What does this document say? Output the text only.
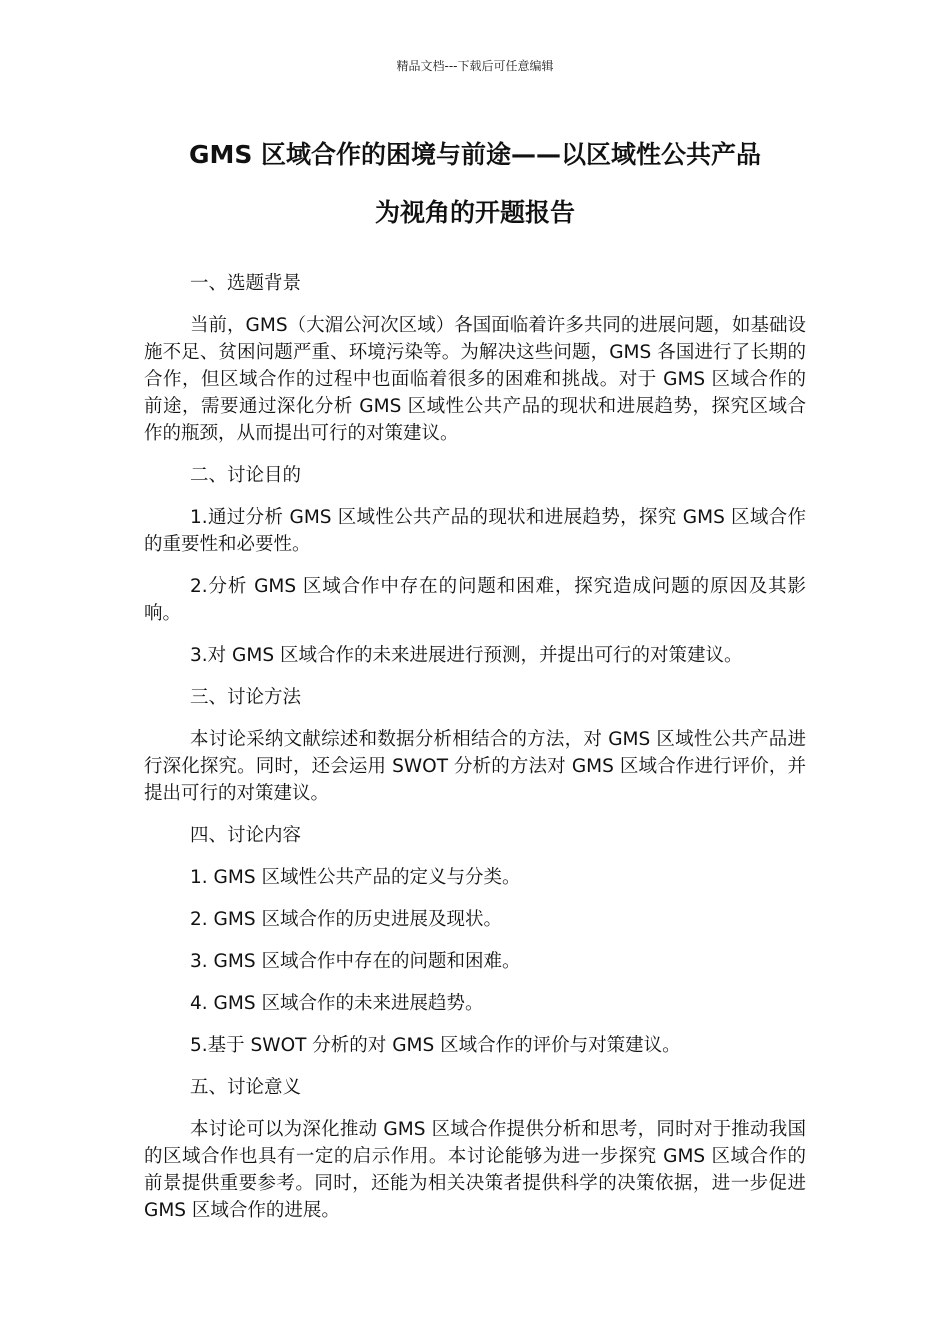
精品文档---下载后可任意编辑
GMS 区域合作的困境与前途——以区域性公共产品
为视角的开题报告

一、选题背景

当前，GMS（大湄公河次区域）各国面临着许多共同的进展问题，如基础设施不足、贫困问题严重、环境污染等。为解决这些问题，GMS 各国进行了长期的合作，但区域合作的过程中也面临着很多的困难和挑战。对于 GMS 区域合作的前途，需要通过深化分析 GMS 区域性公共产品的现状和进展趋势，探究区域合作的瓶颈，从而提出可行的对策建议。

二、讨论目的

1.通过分析 GMS 区域性公共产品的现状和进展趋势，探究 GMS 区域合作的重要性和必要性。

2.分析 GMS 区域合作中存在的问题和困难，探究造成问题的原因及其影响。

3.对 GMS 区域合作的未来进展进行预测，并提出可行的对策建议。

三、讨论方法

本讨论采纳文献综述和数据分析相结合的方法，对 GMS 区域性公共产品进行深化探究。同时，还会运用 SWOT 分析的方法对 GMS 区域合作进行评价，并提出可行的对策建议。

四、讨论内容

1. GMS 区域性公共产品的定义与分类。

2. GMS 区域合作的历史进展及现状。

3. GMS 区域合作中存在的问题和困难。

4. GMS 区域合作的未来进展趋势。

5.基于 SWOT 分析的对 GMS 区域合作的评价与对策建议。

五、讨论意义

本讨论可以为深化推动 GMS 区域合作提供分析和思考，同时对于推动我国的区域合作也具有一定的启示作用。本讨论能够为进一步探究 GMS 区域合作的前景提供重要参考。同时，还能为相关决策者提供科学的决策依据，进一步促进 GMS 区域合作的进展。
